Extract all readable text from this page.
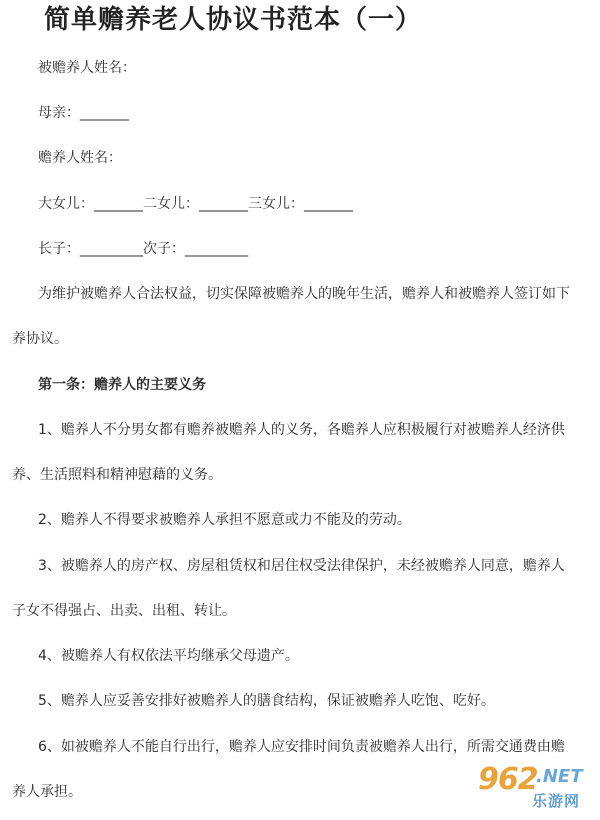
简单赡养老人协议书范本（一）
被赡养人姓名：
母亲：_______
赡养人姓名：
大女儿：_______二女儿：_______三女儿：_______
长子：_________次子：_________
为维护被赡养人合法权益，切实保障被赡养人的晚年生活，赡养人和被赡养人签订如下
养协议。
第一条：赡养人的主要义务
1、赡养人不分男女都有赡养被赡养人的义务，各赡养人应积极履行对被赡养人经济供
养、生活照料和精神慰藉的义务。
2、赡养人不得要求被赡养人承担不愿意或力不能及的劳动。
3、被赡养人的房产权、房屋租赁权和居住权受法律保护，未经被赡养人同意，赡养人
子女不得强占、出卖、出租、转让。
4、被赡养人有权依法平均继承父母遗产。
5、赡养人应妥善安排好被赡养人的膳食结构，保证被赡养人吃饱、吃好。
6、如被赡养人不能自行出行，赡养人应安排时间负责被赡养人出行，所需交通费由赡
养人承担。	962
.NET
乐游网
